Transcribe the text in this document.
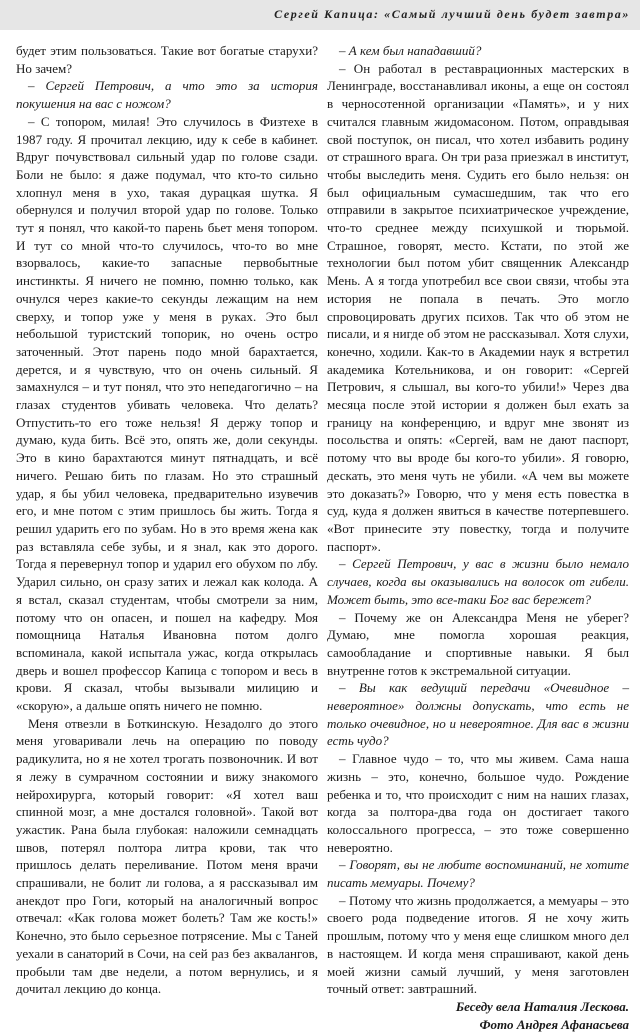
Сергей Капица: «Самый лучший день будет завтра»

будет этим пользоваться. Такие вот богатые старухи? Но зачем?

– Сергей Петрович, а что это за история покушения на вас с ножом?

– С топором, милая! Это случилось в Физтехе в 1987 году. Я прочитал лекцию, иду к себе в кабинет. Вдруг почувствовал сильный удар по голове сзади. Боли не было: я даже подумал, что кто-то сильно хлопнул меня в ухо, такая дурацкая шутка. Я обернулся и получил второй удар по голове. Только тут я понял, что какой-то парень бьет меня топором. И тут со мной что-то случилось, что-то во мне взорвалось, какие-то запасные первобытные инстинкты. Я ничего не помню, помню только, как очнулся через какие-то секунды лежащим на нем сверху, и топор уже у меня в руках. Это был небольшой туристский топорик, но очень остро заточенный. Этот парень подо мной барахтается, дерется, и я чувствую, что он очень сильный. Я замахнулся – и тут понял, что это непедагогично – на глазах студентов убивать человека. Что делать? Отпустить-то его тоже нельзя! Я держу топор и думаю, куда бить. Всё это, опять же, доли секунды. Это в кино барахтаются минут пятнадцать, и всё ничего. Решаю бить по глазам. Но это страшный удар, я бы убил человека, предварительно изувечив его, и мне потом с этим пришлось бы жить. Тогда я решил ударить его по зубам. Но в это время жена как раз вставляла себе зубы, и я знал, как это дорого. Тогда я перевернул топор и ударил его обухом по лбу. Ударил сильно, он сразу затих и лежал как колода. А я встал, сказал студентам, чтобы смотрели за ним, потому что он опасен, и пошел на кафедру. Моя помощница Наталья Ивановна потом долго вспоминала, какой испытала ужас, когда открылась дверь и вошел профессор Капица с топором и весь в крови. Я сказал, чтобы вызывали милицию и «скорую», а дальше опять ничего не помню.

Меня отвезли в Боткинскую. Незадолго до этого меня уговаривали лечь на операцию по поводу радикулита, но я не хотел трогать позвоночник. И вот я лежу в сумрачном состоянии и вижу знакомого нейрохирурга, который говорит: «Я хотел ваш спинной мозг, а мне достался головной». Такой вот ужастик. Рана была глубокая: наложили семнадцать швов, потерял полтора литра крови, так что пришлось делать переливание. Потом меня врачи спрашивали, не болит ли голова, а я рассказывал им анекдот про Гоги, который на аналогичный вопрос отвечал: «Как голова может болеть? Там же кость!» Конечно, это было серьезное потрясение. Мы с Таней уехали в санаторий в Сочи, на сей раз без аквалангов, пробыли там две недели, а потом вернулись, и я дочитал лекцию до конца.

– А кем был нападавший?

– Он работал в реставрационных мастерских в Ленинграде, восстанавливал иконы, а еще он состоял в черносотенной организации «Память», и у них считался главным жидомасоном. Потом, оправдывая свой поступок, он писал, что хотел избавить родину от страшного врага. Он три раза приезжал в институт, чтобы выследить меня. Судить его было нельзя: он был официальным сумасшедшим, так что его отправили в закрытое психиатрическое учреждение, что-то среднее между психушкой и тюрьмой. Страшное, говорят, место. Кстати, по этой же технологии был потом убит священник Александр Мень. А я тогда употребил все свои связи, чтобы эта история не попала в печать. Это могло спровоцировать других психов. Так что об этом не писали, и я нигде об этом не рассказывал. Хотя слухи, конечно, ходили. Как-то в Академии наук я встретил академика Котельникова, и он говорит: «Сергей Петрович, я слышал, вы кого-то убили!» Через два месяца после этой истории я должен был ехать за границу на конференцию, и вдруг мне звонят из посольства и опять: «Сергей, вам не дают паспорт, потому что вы вроде бы кого-то убили». Я говорю, дескать, это меня чуть не убили. «А чем вы можете это доказать?» Говорю, что у меня есть повестка в суд, куда я должен явиться в качестве потерпевшего. «Вот принесите эту повестку, тогда и получите паспорт».

– Сергей Петрович, у вас в жизни было немало случаев, когда вы оказывались на волосок от гибели. Может быть, это все-таки Бог вас бережет?

– Почему же он Александра Меня не уберег? Думаю, мне помогла хорошая реакция, самообладание и спортивные навыки. Я был внутренне готов к экстремальной ситуации.

– Вы как ведущий передачи «Очевидное – невероятное» должны допускать, что есть не только очевидное, но и невероятное. Для вас в жизни есть чудо?

– Главное чудо – то, что мы живем. Сама наша жизнь – это, конечно, большое чудо. Рождение ребенка и то, что происходит с ним на наших глазах, когда за полтора-два года он достигает такого колоссального прогресса, – это тоже совершенно невероятно.

– Говорят, вы не любите воспоминаний, не хотите писать мемуары. Почему?

– Потому что жизнь продолжается, а мемуары – это своего рода подведение итогов. Я не хочу жить прошлым, потому что у меня еще слишком много дел в настоящем. И когда меня спрашивают, какой день моей жизни самый лучший, у меня заготовлен точный ответ: завтрашний.

Беседу вела Наталия Лескова.
Фото Андрея Афанасьева
